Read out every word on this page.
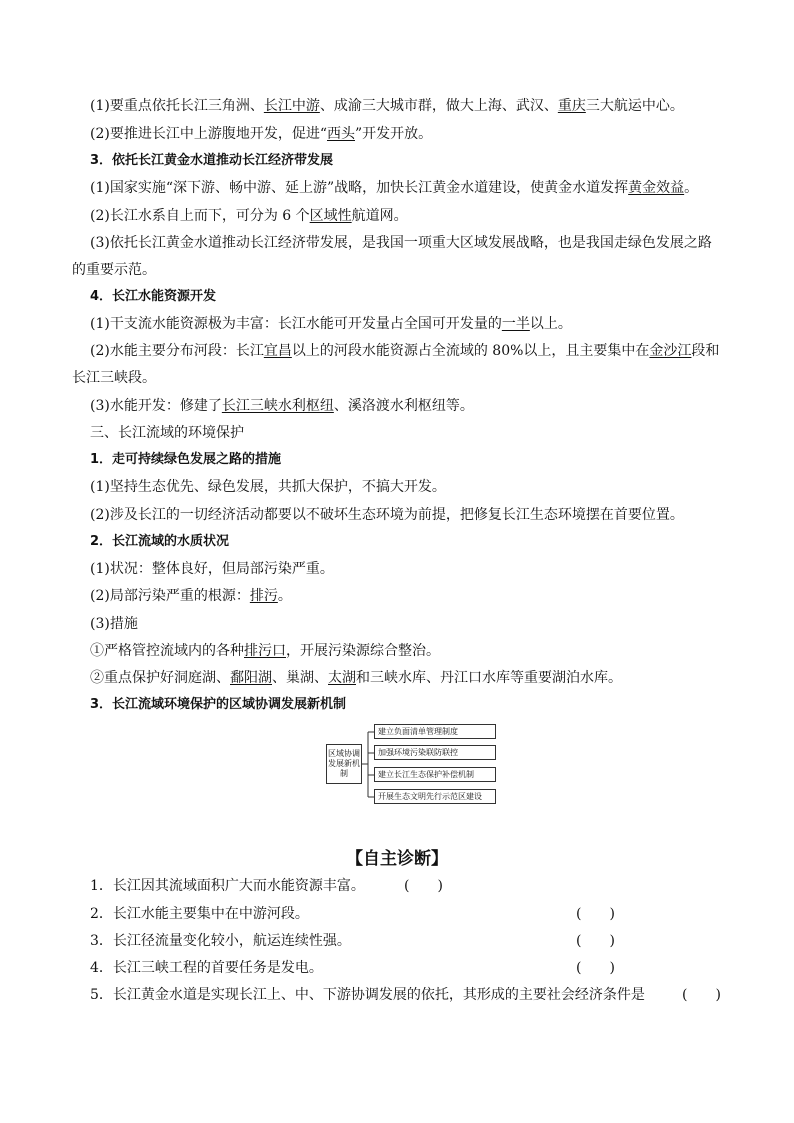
(1)要重点依托长江三角洲、长江中游、成渝三大城市群，做大上海、武汉、重庆三大航运中心。
(2)要推进长江中上游腹地开发，促进“西头”开发开放。
3．依托长江黄金水道推动长江经济带发展
(1)国家实施“深下游、畅中游、延上游”战略，加快长江黄金水道建设，使黄金水道发挥黄金效益。
(2)长江水系自上而下，可分为 6 个区域性航道网。
(3)依托长江黄金水道推动长江经济带发展，是我国一项重大区域发展战略，也是我国走绿色发展之路
的重要示范。
4．长江水能资源开发
(1)干支流水能资源极为丰富：长江水能可开发量占全国可开发量的一半以上。
(2)水能主要分布河段：长江宜昌以上的河段水能资源占全流域的 80%以上，且主要集中在金沙江段和
长江三峡段。
(3)水能开发：修建了长江三峡水利枢纽、溪洛渡水利枢纽等。
三、长江流域的环境保护
1．走可持续绿色发展之路的措施
(1)坚持生态优先、绿色发展，共抓大保护，不搞大开发。
(2)涉及长江的一切经济活动都要以不破坏生态环境为前提，把修复长江生态环境摆在首要位置。
2．长江流域的水质状况
(1)状况：整体良好，但局部污染严重。
(2)局部污染严重的根源：排污。
(3)措施
①严格管控流域内的各种排污口，开展污染源综合整治。
②重点保护好洞庭湖、鄱阳湖、巢湖、太湖和三峡水库、丹江口水库等重要湖泊水库。
3．长江流域环境保护的区域协调发展新机制
区域协调发展新机制
建立负面清单管理制度
加强环境污染联防联控
建立长江生态保护补偿机制
开展生态文明先行示范区建设
【自主诊断】
1．长江因其流域面积广大而水能资源丰富。	(　　)
2．长江水能主要集中在中游河段。	(　　)
3．长江径流量变化较小，航运连续性强。	(　　)
4．长江三峡工程的首要任务是发电。	(　　)
5．长江黄金水道是实现长江上、中、下游协调发展的依托，其形成的主要社会经济条件是	(　　)
